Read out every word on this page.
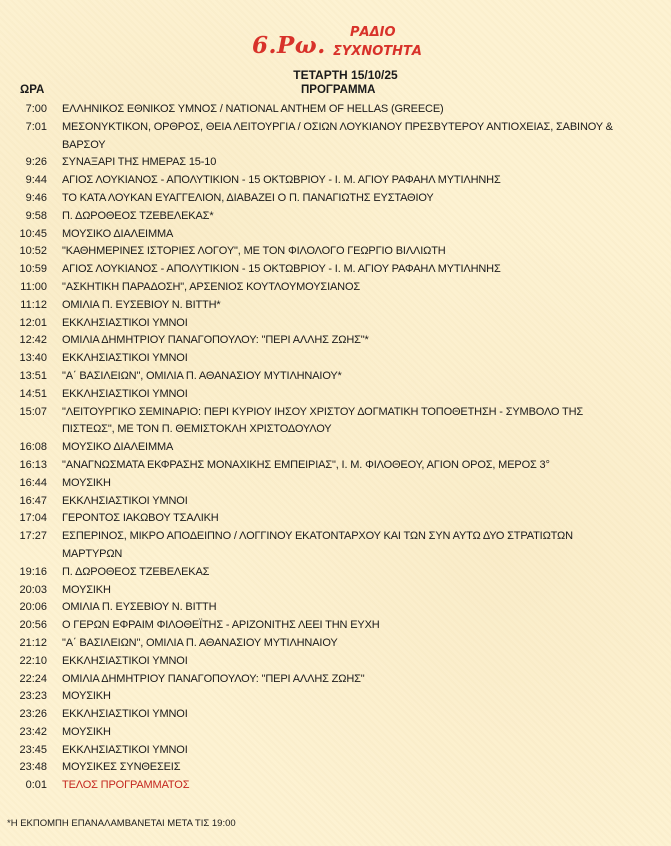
6.Ρω. ΡΑΔΙΟ
ΣΥΧΝΟΤΗΤΑ
ΤΕΤΑΡΤΗ 15/10/25
ΩΡΑ	ΠΡΟΓΡΑΜΜΑ
7:00 ΕΛΛΗΝΙΚΟΣ ΕΘΝΙΚΟΣ ΥΜΝΟΣ / NATIONAL ANTHEM OF HELLAS (GREECE)
7:01 ΜΕΣΟΝΥΚΤΙΚΟΝ, ΟΡΘΡΟΣ, ΘΕΙΑ ΛΕΙΤΟΥΡΓΙΑ / ΟΣΙΩΝ ΛΟΥΚΙΑΝΟΥ ΠΡΕΣΒΥΤΕΡΟΥ ΑΝΤΙΟΧΕΙΑΣ, ΣΑΒΙΝΟΥ & ΒΑΡΣΟΥ
9:26 ΣΥΝΑΞΑΡΙ ΤΗΣ ΗΜΕΡΑΣ 15-10
9:44 ΑΓΙΟΣ ΛΟΥΚΙΑΝΟΣ - ΑΠΟΛΥΤΙΚΙΟΝ - 15 ΟΚΤΩΒΡΙΟΥ - Ι. Μ. ΑΓΙΟΥ ΡΑΦΑΗΛ ΜΥΤΙΛΗΝΗΣ
9:46 ΤΟ ΚΑΤΑ ΛΟΥΚΑΝ ΕΥΑΓΓΕΛΙΟΝ, ΔΙΑΒΑΖΕΙ Ο Π. ΠΑΝΑΓΙΩΤΗΣ ΕΥΣΤΑΘΙΟΥ
9:58 Π. ΔΩΡΟΘΕΟΣ ΤΖΕΒΕΛΕΚΑΣ*
10:45 ΜΟΥΣΙΚΟ ΔΙΑΛΕΙΜΜΑ
10:52 "ΚΑΘΗΜΕΡΙΝΕΣ ΙΣΤΟΡΙΕΣ ΛΟΓΟΥ", ΜΕ ΤΟΝ ΦΙΛΟΛΟΓΟ ΓΕΩΡΓΙΟ ΒΙΛΛΙΩΤΗ
10:59 ΑΓΙΟΣ ΛΟΥΚΙΑΝΟΣ - ΑΠΟΛΥΤΙΚΙΟΝ - 15 ΟΚΤΩΒΡΙΟΥ - Ι. Μ. ΑΓΙΟΥ ΡΑΦΑΗΛ ΜΥΤΙΛΗΝΗΣ
11:00 "ΑΣΚΗΤΙΚΗ ΠΑΡΑΔΟΣΗ", ΑΡΣΕΝΙΟΣ ΚΟΥΤΛΟΥΜΟΥΣΙΑΝΟΣ
11:12 ΟΜΙΛΙΑ Π. ΕΥΣΕΒΙΟΥ Ν. ΒΙΤΤΗ*
12:01 ΕΚΚΛΗΣΙΑΣΤΙΚΟΙ ΥΜΝΟΙ
12:42 ΟΜΙΛΙΑ ΔΗΜΗΤΡΙΟΥ ΠΑΝΑΓΟΠΟΥΛΟΥ: "ΠΕΡΙ ΑΛΛΗΣ ΖΩΗΣ"*
13:40 ΕΚΚΛΗΣΙΑΣΤΙΚΟΙ ΥΜΝΟΙ
13:51 "Α΄ ΒΑΣΙΛΕΙΩΝ", ΟΜΙΛΙΑ Π. ΑΘΑΝΑΣΙΟΥ ΜΥΤΙΛΗΝΑΙΟΥ*
14:51 ΕΚΚΛΗΣΙΑΣΤΙΚΟΙ ΥΜΝΟΙ
15:07 "ΛΕΙΤΟΥΡΓΙΚΟ ΣΕΜΙΝΑΡΙΟ: ΠΕΡΙ ΚΥΡΙΟΥ ΙΗΣΟΥ ΧΡΙΣΤΟΥ ΔΟΓΜΑΤΙΚΗ ΤΟΠΟΘΕΤΗΣΗ - ΣΥΜΒΟΛΟ ΤΗΣ ΠΙΣΤΕΩΣ", ΜΕ ΤΟΝ Π. ΘΕΜΙΣΤΟΚΛΗ ΧΡΙΣΤΟΔΟΥΛΟΥ
16:08 ΜΟΥΣΙΚΟ ΔΙΑΛΕΙΜΜΑ
16:13 "ΑΝΑΓΝΩΣΜΑΤΑ ΕΚΦΡΑΣΗΣ ΜΟΝΑΧΙΚΗΣ ΕΜΠΕΙΡΙΑΣ", Ι. Μ. ΦΙΛΟΘΕΟΥ, ΑΓΙΟΝ ΟΡΟΣ, ΜΕΡΟΣ 3°
16:44 ΜΟΥΣΙΚΗ
16:47 ΕΚΚΛΗΣΙΑΣΤΙΚΟΙ ΥΜΝΟΙ
17:04 ΓΕΡΟΝΤΟΣ ΙΑΚΩΒΟΥ ΤΣΑΛΙΚΗ
17:27 ΕΣΠΕΡΙΝΟΣ, ΜΙΚΡΟ ΑΠΟΔΕΙΠΝΟ / ΛΟΓΓΙΝΟΥ ΕΚΑΤΟΝΤΑΡΧΟΥ ΚΑΙ ΤΩΝ ΣΥΝ ΑΥΤΩ ΔΥΟ ΣΤΡΑΤΙΩΤΩΝ ΜΑΡΤΥΡΩΝ
19:16 Π. ΔΩΡΟΘΕΟΣ ΤΖΕΒΕΛΕΚΑΣ
20:03 ΜΟΥΣΙΚΗ
20:06 ΟΜΙΛΙΑ Π. ΕΥΣΕΒΙΟΥ Ν. ΒΙΤΤΗ
20:56 Ο ΓΕΡΩΝ ΕΦΡΑΙΜ ΦΙΛΟΘΕΪΤΗΣ - ΑΡΙΖΟΝΙΤΗΣ ΛΕΕΙ ΤΗΝ ΕΥΧΗ
21:12 "Α΄ ΒΑΣΙΛΕΙΩΝ", ΟΜΙΛΙΑ Π. ΑΘΑΝΑΣΙΟΥ ΜΥΤΙΛΗΝΑΙΟΥ
22:10 ΕΚΚΛΗΣΙΑΣΤΙΚΟΙ ΥΜΝΟΙ
22:24 ΟΜΙΛΙΑ ΔΗΜΗΤΡΙΟΥ ΠΑΝΑΓΟΠΟΥΛΟΥ: "ΠΕΡΙ ΑΛΛΗΣ ΖΩΗΣ"
23:23 ΜΟΥΣΙΚΗ
23:26 ΕΚΚΛΗΣΙΑΣΤΙΚΟΙ ΥΜΝΟΙ
23:42 ΜΟΥΣΙΚΗ
23:45 ΕΚΚΛΗΣΙΑΣΤΙΚΟΙ ΥΜΝΟΙ
23:48 ΜΟΥΣΙΚΕΣ ΣΥΝΘΕΣΕΙΣ
0:01 ΤΕΛΟΣ ΠΡΟΓΡΑΜΜΑΤΟΣ
*Η ΕΚΠΟΜΠΗ ΕΠΑΝΑΛΑΜΒΑΝΕΤΑΙ ΜΕΤΑ ΤΙΣ 19:00
